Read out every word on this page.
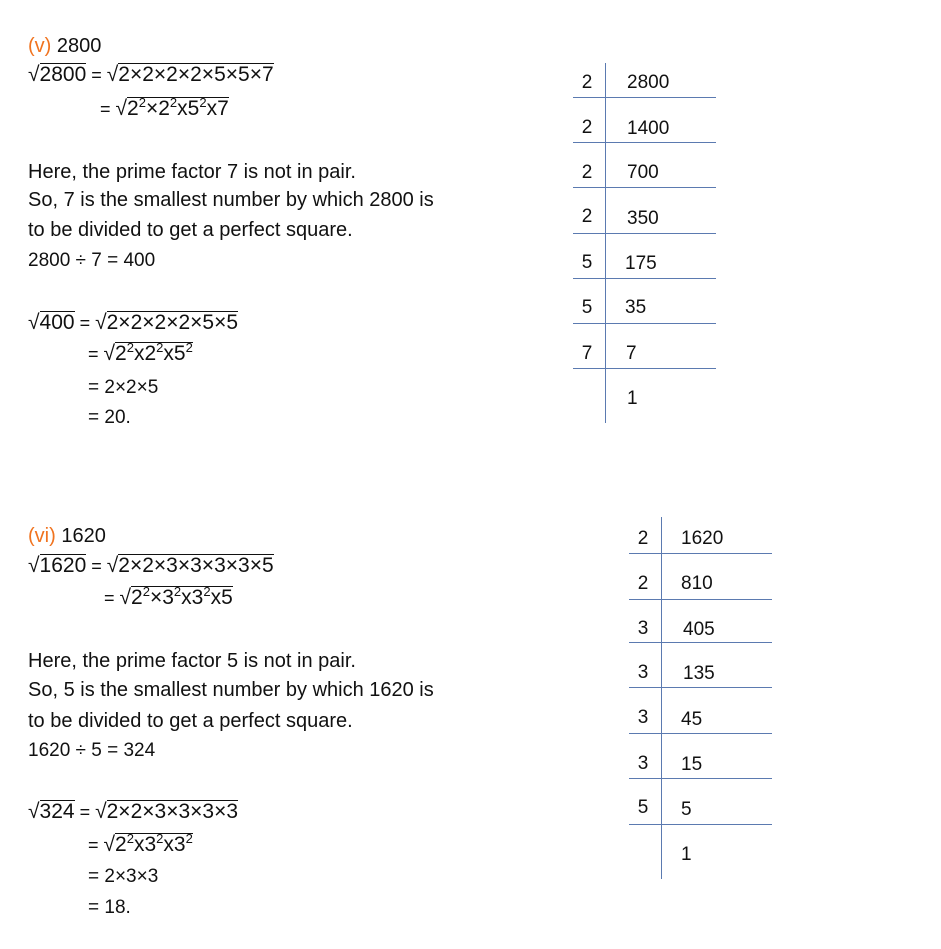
(v) 2800
√2800 = √2×2×2×2×5×5×7
= $√2^2\times 2^2x5^2x7$
Here, the prime factor 7 is not in pair.
So, 7 is the smallest number by which 2800 is
to be divided to get a perfect square.
2800 ÷ 7 = 400
√400 = √2×2×2×2×5×5
= $√2^2x2^2x5^2$
= 2×2×5
= 20.
2
2
2
2
5
5
7
2800
1400
700
350
175
35
7
1
(vi) 1620
√1620 = √2×2×3×3×3×3×5
= $√2^2\times 3^2x3^2x5$
Here, the prime factor 5 is not in pair.
So, 5 is the smallest number by which 1620 is
to be divided to get a perfect square.
1620 ÷ 5 = 324
√324 = √2×2×3×3×3×3
= $√2^2x3^2x3^2$
= 2×3×3
= 18.
2
2
3
3
3
3
5
1620
810
405
135
45
15
5
1
